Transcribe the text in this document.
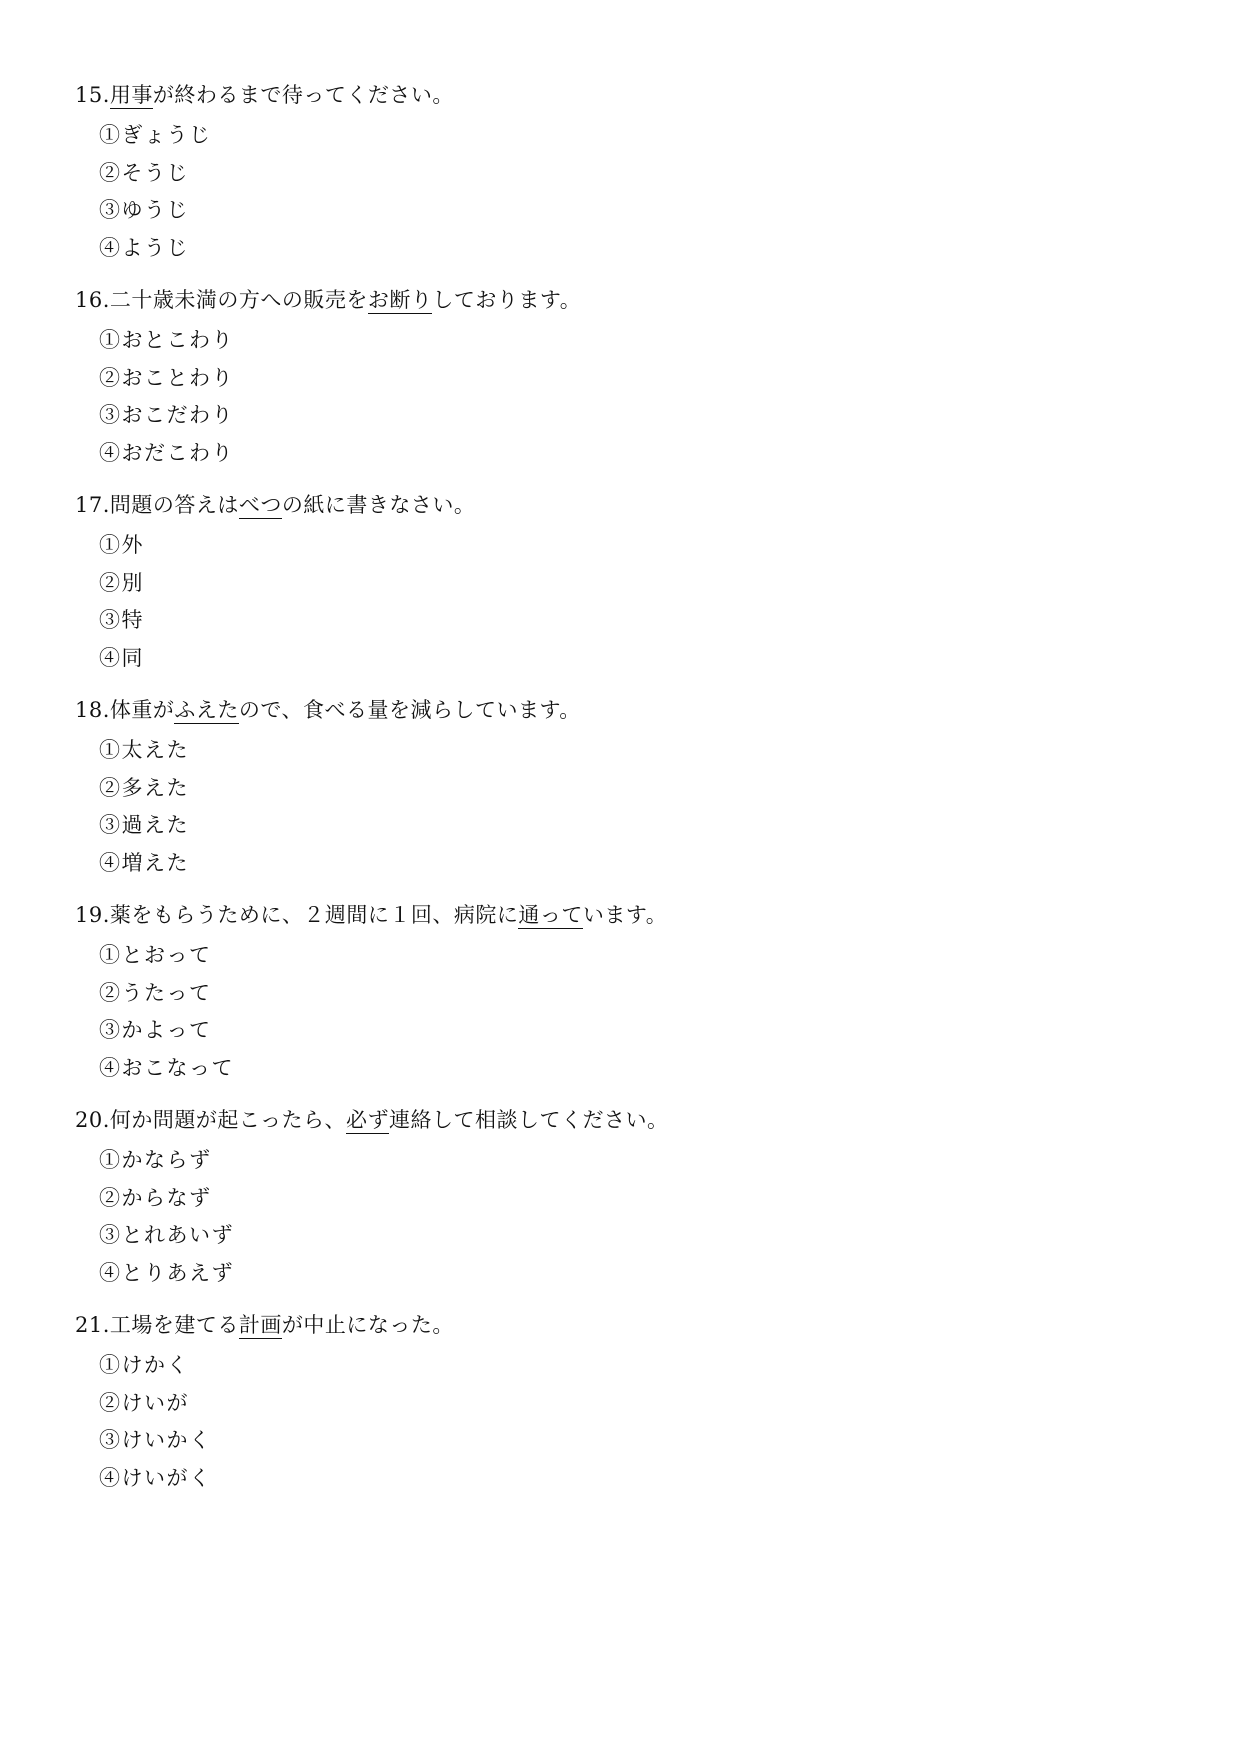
15.用事が終わるまで待ってください。
①ぎょうじ
②そうじ
③ゆうじ
④ようじ
16.二十歳未満の方への販売をお断りしております。
①おとこわり
②おことわり
③おこだわり
④おだこわり
17.問題の答えはべつの紙に書きなさい。
①外
②別
③特
④同
18.体重がふえたので、食べる量を減らしています。
①太えた
②多えた
③過えた
④増えた
19.薬をもらうために、２週間に１回、病院に通っています。
①とおって
②うたって
③かよって
④おこなって
20.何か問題が起こったら、必ず連絡して相談してください。
①かならず
②からなず
③とれあいず
④とりあえず
21.工場を建てる計画が中止になった。
①けかく
②けいが
③けいかく
④けいがく
